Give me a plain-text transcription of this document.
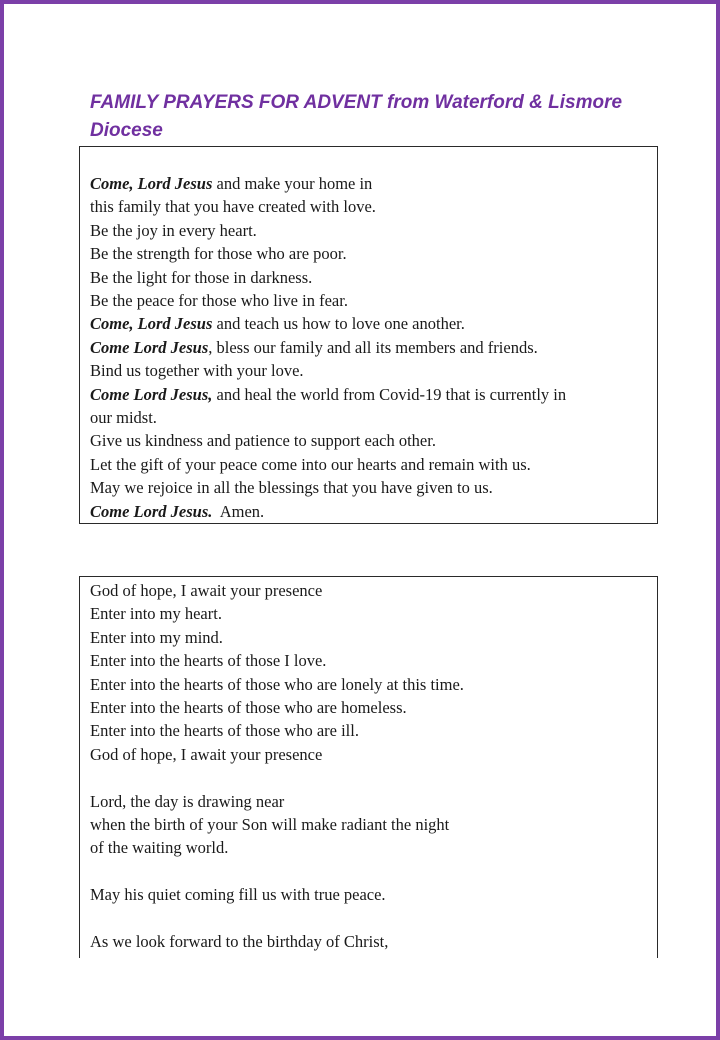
FAMILY PRAYERS FOR ADVENT from Waterford & Lismore Diocese
Come, Lord Jesus and make your home in
this family that you have created with love.
Be the joy in every heart.
Be the strength for those who are poor.
Be the light for those in darkness.
Be the peace for those who live in fear.
Come, Lord Jesus and teach us how to love one another.
Come Lord Jesus, bless our family and all its members and friends.
Bind us together with your love.
Come Lord Jesus, and heal the world from Covid-19 that is currently in
our midst.
Give us kindness and patience to support each other.
Let the gift of your peace come into our hearts and remain with us.
May we rejoice in all the blessings that you have given to us.
Come Lord Jesus.  Amen.
God of hope, I await your presence
Enter into my heart.
Enter into my mind.
Enter into the hearts of those I love.
Enter into the hearts of those who are lonely at this time.
Enter into the hearts of those who are homeless.
Enter into the hearts of those who are ill.
God of hope, I await your presence
Lord, the day is drawing near
when the birth of your Son will make radiant the night
of the waiting world.
May his quiet coming fill us with true peace.
As we look forward to the birthday of Christ,
